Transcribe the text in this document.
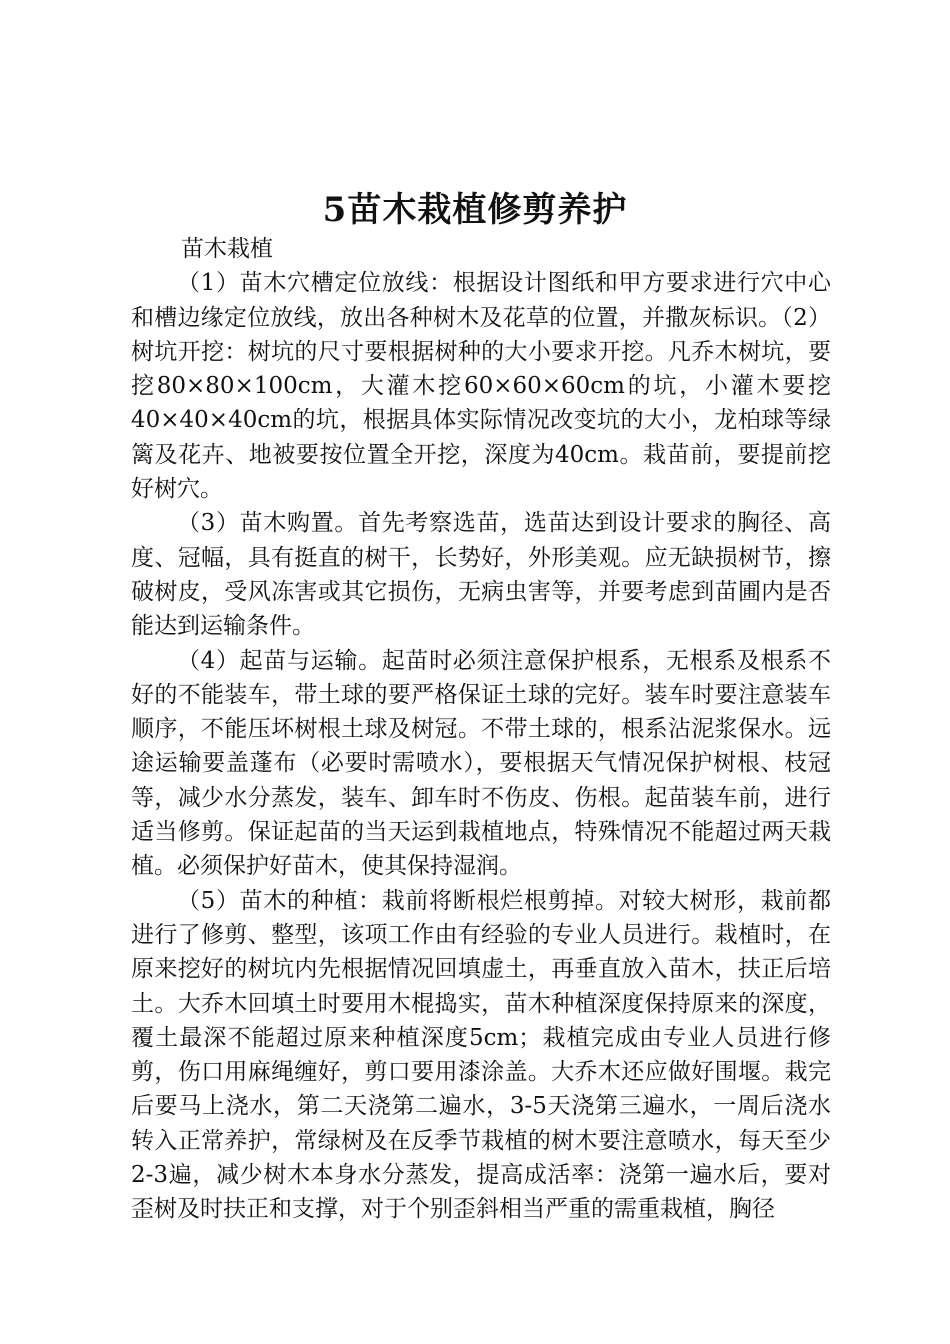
5苗木栽植修剪养护

苗木栽植

（1）苗木穴槽定位放线：根据设计图纸和甲方要求进行穴中心和槽边缘定位放线，放出各种树木及花草的位置，并撒灰标识。（2）树坑开挖：树坑的尺寸要根据树种的大小要求开挖。凡乔木树坑，要挖80×80×100cm，大灌木挖60×60×60cm的坑，小灌木要挖40×40×40cm的坑，根据具体实际情况改变坑的大小，龙柏球等绿篱及花卉、地被要按位置全开挖，深度为40cm。栽苗前，要提前挖好树穴。

（3）苗木购置。首先考察选苗，选苗达到设计要求的胸径、高度、冠幅，具有挺直的树干，长势好，外形美观。应无缺损树节，擦破树皮，受风冻害或其它损伤，无病虫害等，并要考虑到苗圃内是否能达到运输条件。

（4）起苗与运输。起苗时必须注意保护根系，无根系及根系不好的不能装车，带土球的要严格保证土球的完好。装车时要注意装车顺序，不能压坏树根土球及树冠。不带土球的，根系沾泥浆保水。远途运输要盖蓬布（必要时需喷水），要根据天气情况保护树根、枝冠等，减少水分蒸发，装车、卸车时不伤皮、伤根。起苗装车前，进行适当修剪。保证起苗的当天运到栽植地点，特殊情况不能超过两天栽植。必须保护好苗木，使其保持湿润。

（5）苗木的种植：栽前将断根烂根剪掉。对较大树形，栽前都进行了修剪、整型，该项工作由有经验的专业人员进行。栽植时，在原来挖好的树坑内先根据情况回填虚土，再垂直放入苗木，扶正后培土。大乔木回填土时要用木棍捣实，苗木种植深度保持原来的深度，覆土最深不能超过原来种植深度5cm；栽植完成由专业人员进行修剪，伤口用麻绳缠好，剪口要用漆涂盖。大乔木还应做好围堰。栽完后要马上浇水，第二天浇第二遍水，3-5天浇第三遍水，一周后浇水转入正常养护，常绿树及在反季节栽植的树木要注意喷水，每天至少2-3遍，减少树木本身水分蒸发，提高成活率：浇第一遍水后，要对歪树及时扶正和支撑，对于个别歪斜相当严重的需重栽植，胸径
